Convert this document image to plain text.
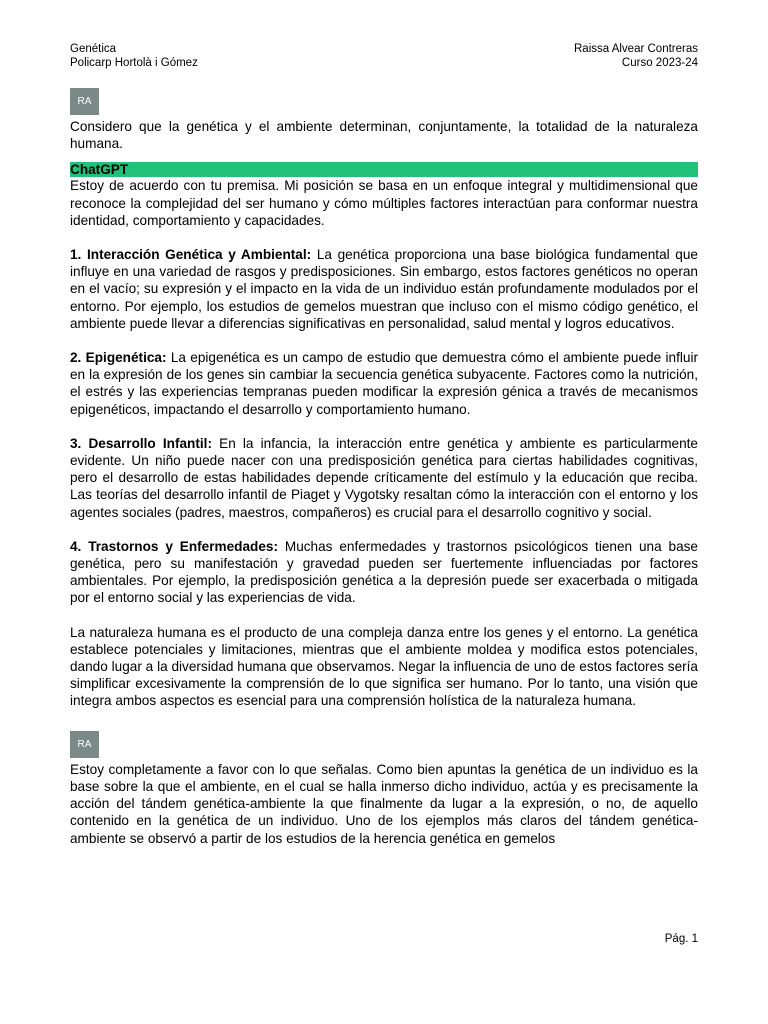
Genética
Policarp Hortolà i Gómez
Raissa Alvear Contreras
Curso 2023-24
RA

Considero que la genética y el ambiente determinan, conjuntamente, la totalidad de la naturaleza humana.

ChatGPT

Estoy de acuerdo con tu premisa. Mi posición se basa en un enfoque integral y multidimensional que reconoce la complejidad del ser humano y cómo múltiples factores interactúan para conformar nuestra identidad, comportamiento y capacidades.

1. Interacción Genética y Ambiental: La genética proporciona una base biológica fundamental que influye en una variedad de rasgos y predisposiciones. Sin embargo, estos factores genéticos no operan en el vacío; su expresión y el impacto en la vida de un individuo están profundamente modulados por el entorno. Por ejemplo, los estudios de gemelos muestran que incluso con el mismo código genético, el ambiente puede llevar a diferencias significativas en personalidad, salud mental y logros educativos.

2. Epigenética: La epigenética es un campo de estudio que demuestra cómo el ambiente puede influir en la expresión de los genes sin cambiar la secuencia genética subyacente. Factores como la nutrición, el estrés y las experiencias tempranas pueden modificar la expresión génica a través de mecanismos epigenéticos, impactando el desarrollo y comportamiento humano.

3. Desarrollo Infantil: En la infancia, la interacción entre genética y ambiente es particularmente evidente. Un niño puede nacer con una predisposición genética para ciertas habilidades cognitivas, pero el desarrollo de estas habilidades depende críticamente del estímulo y la educación que reciba. Las teorías del desarrollo infantil de Piaget y Vygotsky resaltan cómo la interacción con el entorno y los agentes sociales (padres, maestros, compañeros) es crucial para el desarrollo cognitivo y social.

4. Trastornos y Enfermedades: Muchas enfermedades y trastornos psicológicos tienen una base genética, pero su manifestación y gravedad pueden ser fuertemente influenciadas por factores ambientales. Por ejemplo, la predisposición genética a la depresión puede ser exacerbada o mitigada por el entorno social y las experiencias de vida.

La naturaleza humana es el producto de una compleja danza entre los genes y el entorno. La genética establece potenciales y limitaciones, mientras que el ambiente moldea y modifica estos potenciales, dando lugar a la diversidad humana que observamos. Negar la influencia de uno de estos factores sería simplificar excesivamente la comprensión de lo que significa ser humano. Por lo tanto, una visión que integra ambos aspectos es esencial para una comprensión holística de la naturaleza humana.

RA

Estoy completamente a favor con lo que señalas. Como bien apuntas la genética de un individuo es la base sobre la que el ambiente, en el cual se halla inmerso dicho individuo, actúa y es precisamente la acción del tándem genética-ambiente la que finalmente da lugar a la expresión, o no, de aquello contenido en la genética de un individuo. Uno de los ejemplos más claros del tándem genética-ambiente se observó a partir de los estudios de la herencia genética en gemelos

Pág. 1
